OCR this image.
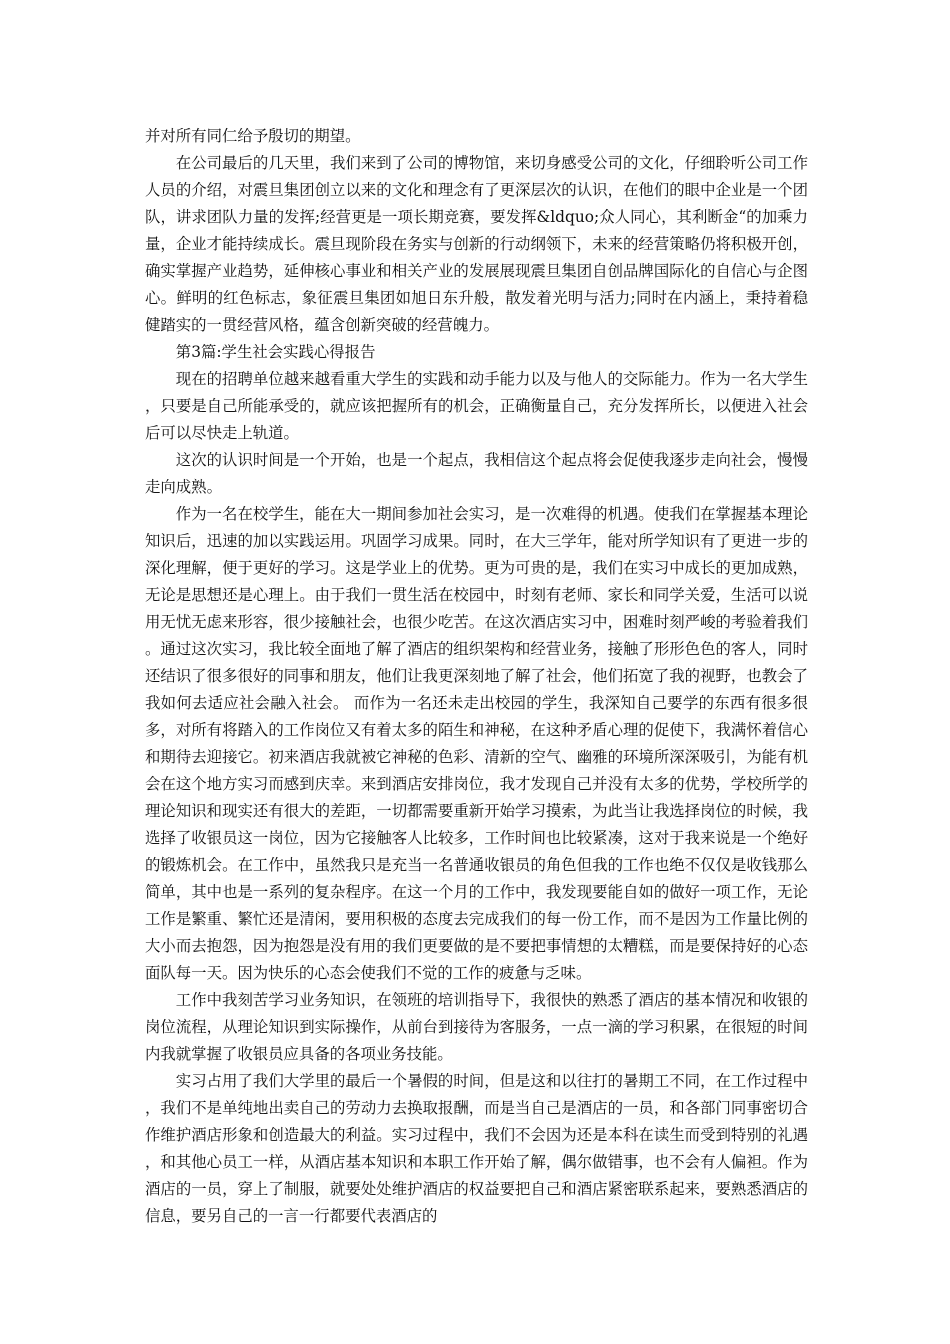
并对所有同仁给予殷切的期望。

在公司最后的几天里，我们来到了公司的博物馆，来切身感受公司的文化，仔细聆听公司工作人员的介绍，对震旦集团创立以来的文化和理念有了更深层次的认识，在他们的眼中企业是一个团队，讲求团队力量的发挥;经营更是一项长期竞赛，要发挥&ldquo;众人同心，其利断金“的加乘力量，企业才能持续成长。震旦现阶段在务实与创新的行动纲领下，未来的经营策略仍将积极开创，确实掌握产业趋势，延伸核心事业和相关产业的发展展现震旦集团自创品牌国际化的自信心与企图心。鲜明的红色标志，象征震旦集团如旭日东升般，散发着光明与活力;同时在内涵上，秉持着稳健踏实的一贯经营风格，蕴含创新突破的经营魄力。

第3篇:学生社会实践心得报告

现在的招聘单位越来越看重大学生的实践和动手能力以及与他人的交际能力。作为一名大学生，只要是自己所能承受的，就应该把握所有的机会，正确衡量自己，充分发挥所长，以便进入社会后可以尽快走上轨道。

这次的认识时间是一个开始，也是一个起点，我相信这个起点将会促使我逐步走向社会，慢慢走向成熟。

作为一名在校学生，能在大一期间参加社会实习，是一次难得的机遇。使我们在掌握基本理论知识后，迅速的加以实践运用。巩固学习成果。同时，在大三学年，能对所学知识有了更进一步的深化理解，便于更好的学习。这是学业上的优势。更为可贵的是，我们在实习中成长的更加成熟，无论是思想还是心理上。由于我们一贯生活在校园中，时刻有老师、家长和同学关爱，生活可以说用无忧无虑来形容，很少接触社会，也很少吃苦。在这次酒店实习中，困难时刻严峻的考验着我们。通过这次实习，我比较全面地了解了酒店的组织架构和经营业务，接触了形形色色的客人，同时还结识了很多很好的同事和朋友，他们让我更深刻地了解了社会，他们拓宽了我的视野，也教会了我如何去适应社会融入社会。 而作为一名还未走出校园的学生，我深知自己要学的东西有很多很多，对所有将踏入的工作岗位又有着太多的陌生和神秘，在这种矛盾心理的促使下，我满怀着信心和期待去迎接它。初来酒店我就被它神秘的色彩、清新的空气、幽雅的环境所深深吸引，为能有机会在这个地方实习而感到庆幸。来到酒店安排岗位，我才发现自己并没有太多的优势，学校所学的理论知识和现实还有很大的差距，一切都需要重新开始学习摸索，为此当让我选择岗位的时候，我选择了收银员这一岗位，因为它接触客人比较多，工作时间也比较紧凑，这对于我来说是一个绝好的锻炼机会。在工作中，虽然我只是充当一名普通收银员的角色但我的工作也绝不仅仅是收钱那么简单，其中也是一系列的复杂程序。在这一个月的工作中，我发现要能自如的做好一项工作，无论工作是繁重、繁忙还是清闲，要用积极的态度去完成我们的每一份工作，而不是因为工作量比例的大小而去抱怨，因为抱怨是没有用的我们更要做的是不要把事情想的太糟糕，而是要保持好的心态面队每一天。因为快乐的心态会使我们不觉的工作的疲惫与乏味。

工作中我刻苦学习业务知识，在领班的培训指导下，我很快的熟悉了酒店的基本情况和收银的岗位流程，从理论知识到实际操作，从前台到接待为客服务，一点一滴的学习积累，在很短的时间内我就掌握了收银员应具备的各项业务技能。

实习占用了我们大学里的最后一个暑假的时间，但是这和以往打的暑期工不同，在工作过程中，我们不是单纯地出卖自己的劳动力去换取报酬，而是当自己是酒店的一员，和各部门同事密切合作维护酒店形象和创造最大的利益。实习过程中，我们不会因为还是本科在读生而受到特别的礼遇，和其他心员工一样，从酒店基本知识和本职工作开始了解，偶尔做错事，也不会有人偏袒。作为酒店的一员，穿上了制服，就要处处维护酒店的权益要把自己和酒店紧密联系起来，要熟悉酒店的信息，要另自己的一言一行都要代表酒店的
